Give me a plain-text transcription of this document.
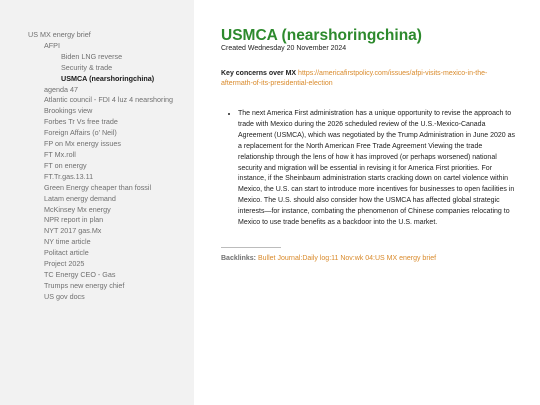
US MX energy brief
AFPI
Biden LNG reverse
Security & trade
USMCA (nearshoringchina)
agenda 47
Atlantic council - FDI 4 luz 4 nearshoring
Brookings view
Forbes Tr Vs free trade
Foreign Affairs (o' Neil)
FP on Mx energy issues
FT Mx.roll
FT on energy
FT.Tr.gas.13.11
Green Energy cheaper than fossil
Latam energy demand
McKinsey Mx energy
NPR report in plan
NYT 2017 gas.Mx
NY time article
Politact article
Project 2025
TC Energy CEO - Gas
Trumps new energy chief
US gov docs
USMCA (nearshoringchina)
Created Wednesday 20 November 2024
Key concerns over MX https://americafirstpolicy.com/issues/afpi-visits-mexico-in-the-aftermath-of-its-presidential-election
• The next America First administration has a unique opportunity to revise the approach to trade with Mexico during the 2026 scheduled review of the U.S.-Mexico-Canada Agreement (USMCA), which was negotiated by the Trump Administration in June 2020 as a replacement for the North American Free Trade Agreement Viewing the trade relationship through the lens of how it has improved (or perhaps worsened) national security and migration will be essential in revising it for America First priorities. For instance, if the Sheinbaum administration starts cracking down on cartel violence within Mexico, the U.S. can start to introduce more incentives for businesses to open facilities in Mexico. The U.S. should also consider how the USMCA has affected global strategic interests—for instance, combating the phenomenon of Chinese companies relocating to Mexico to use trade benefits as a backdoor into the U.S. market.
Backlinks: Bullet Journal:Daily log:11 Nov:wk 04:US MX energy brief
